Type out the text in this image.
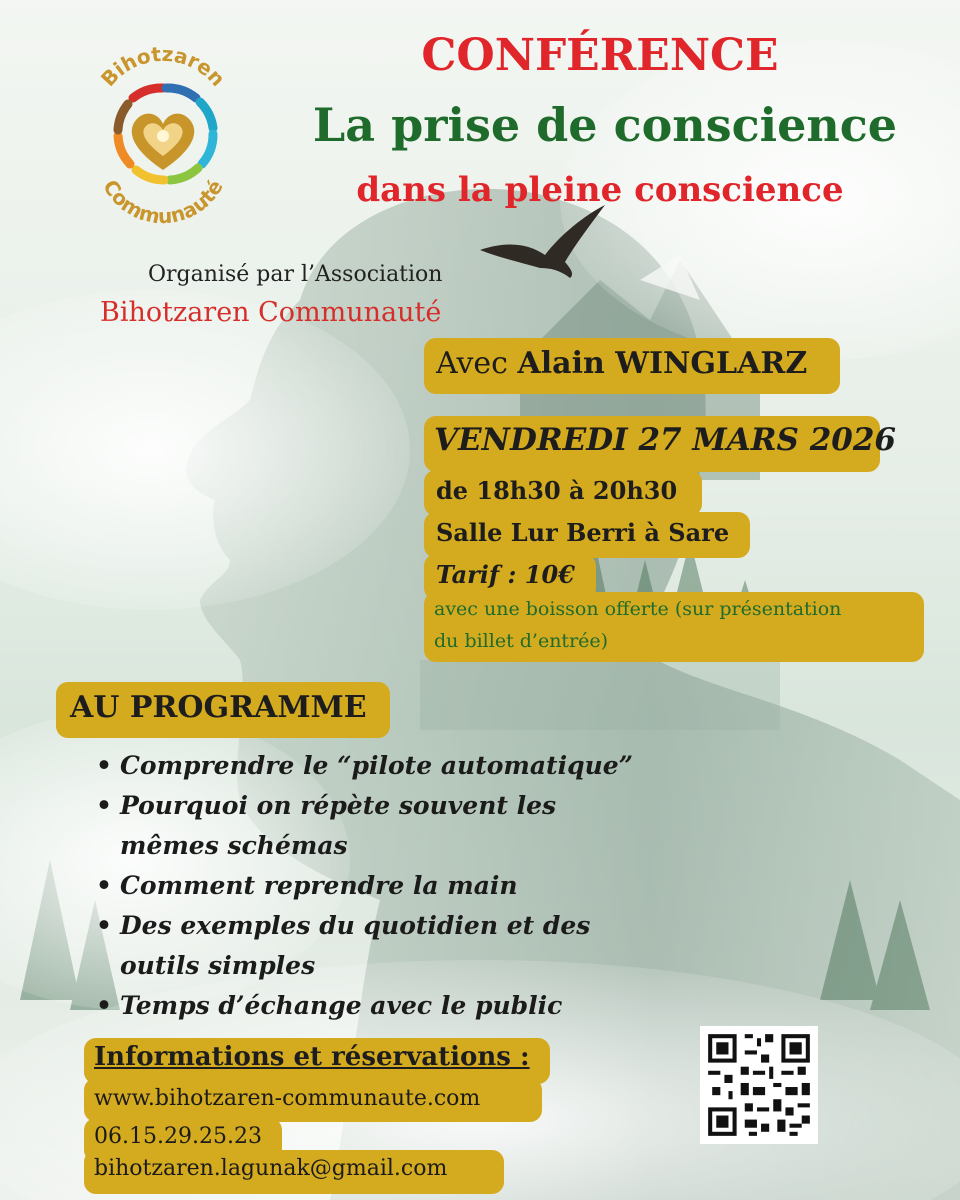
Bihotzaren
Communauté

CONFÉRENCE

La prise de conscience

dans la pleine conscience

Organisé par l’Association

Bihotzaren Communauté

Avec Alain WINGLARZ
VENDREDI 27 MARS 2026
de 18h30 à 20h30
Salle Lur Berri à Sare
Tarif : 10€
avec une boisson offerte (sur présentation
du billet d’entrée)
AU PROGRAMME
• Comprendre le “pilote automatique”
• Pourquoi on répète souvent les
mêmes schémas
• Comment reprendre la main
• Des exemples du quotidien et des
outils simples
• Temps d’échange avec le public
Informations et réservations :
www.bihotzaren-communaute.com
06.15.29.25.23
bihotzaren.lagunak@gmail.com
